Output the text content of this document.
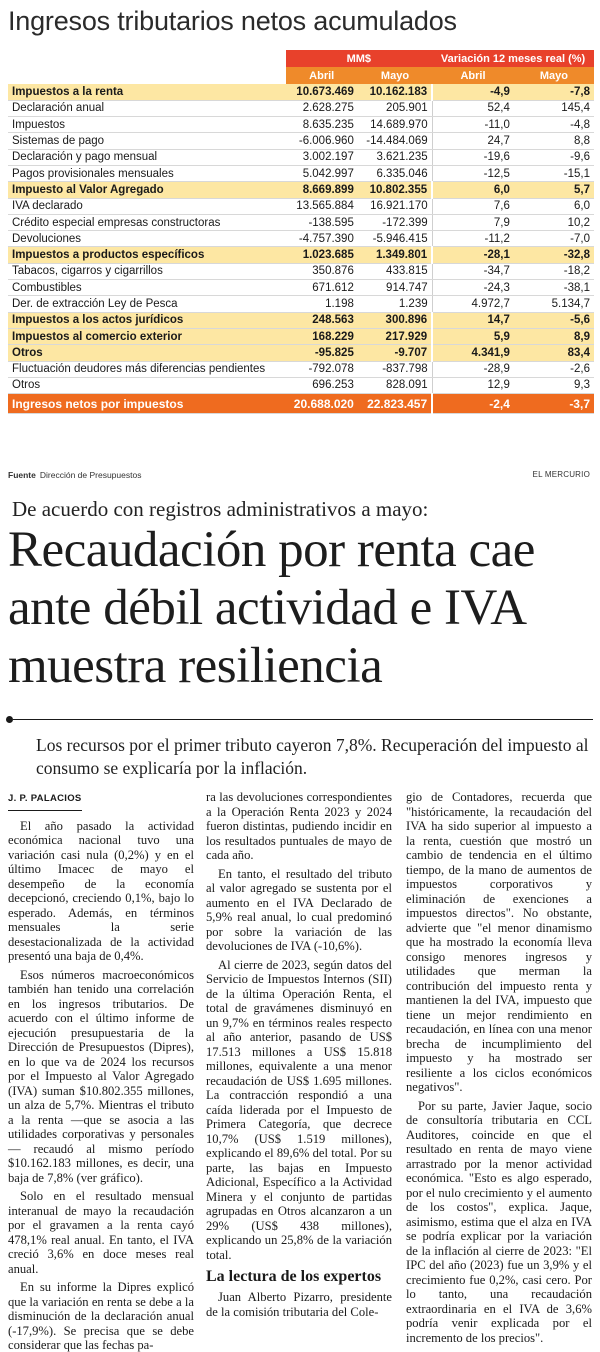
Ingresos tributarios netos acumulados
	MM$		Variación 12 meses real (%)	
	Abril	Mayo	Abril	Mayo
Impuestos a la renta	10.673.469	10.162.183	-4,9	-7,8
Declaración anual	2.628.275	205.901	52,4	145,4
Impuestos	8.635.235	14.689.970	-11,0	-4,8
Sistemas de pago	-6.006.960	-14.484.069	24,7	8,8
Declaración y pago mensual	3.002.197	3.621.235	-19,6	-9,6
Pagos provisionales mensuales	5.042.997	6.335.046	-12,5	-15,1
Impuesto al Valor Agregado	8.669.899	10.802.355	6,0	5,7
IVA declarado	13.565.884	16.921.170	7,6	6,0
Crédito especial empresas constructoras	-138.595	-172.399	7,9	10,2
Devoluciones	-4.757.390	-5.946.415	-11,2	-7,0
Impuestos a productos específicos	1.023.685	1.349.801	-28,1	-32,8
Tabacos, cigarros y cigarrillos	350.876	433.815	-34,7	-18,2
Combustibles	671.612	914.747	-24,3	-38,1
Der. de extracción Ley de Pesca	1.198	1.239	4.972,7	5.134,7
Impuestos a los actos jurídicos	248.563	300.896	14,7	-5,6
Impuestos al comercio exterior	168.229	217.929	5,9	8,9
Otros	-95.825	-9.707	4.341,9	83,4
Fluctuación deudores más diferencias pendientes	-792.078	-837.798	-28,9	-2,6
Otros	696.253	828.091	12,9	9,3
Ingresos netos por impuestos	20.688.020	22.823.457	-2,4	-3,7
Fuente Dirección de Presupuestos	EL MERCURIO
De acuerdo con registros administrativos a mayo:
Recaudación por renta cae ante débil actividad e IVA muestra resiliencia
Los recursos por el primer tributo cayeron 7,8%. Recuperación del impuesto al consumo se explicaría por la inflación.
J. P. PALACIOS

El año pasado la actividad económica nacional tuvo una variación casi nula (0,2%) y en el último Imacec de mayo el desempeño de la economía decepcionó, creciendo 0,1%, bajo lo esperado. Además, en términos mensuales la serie desestacionalizada de la actividad presentó una baja de 0,4%.

Esos números macroeconómicos también han tenido una correlación en los ingresos tributarios. De acuerdo con el último informe de ejecución presupuestaria de la Dirección de Presupuestos (Dipres), en lo que va de 2024 los recursos por el Impuesto al Valor Agregado (IVA) suman $10.802.355 millones, un alza de 5,7%. Mientras el tributo a la renta —que se asocia a las utilidades corporativas y personales— recaudó al mismo período $10.162.183 millones, es decir, una baja de 7,8% (ver gráfico).

Solo en el resultado mensual interanual de mayo la recaudación por el gravamen a la renta cayó 478,1% real anual. En tanto, el IVA creció 3,6% en doce meses real anual.

En su informe la Dipres explicó que la variación en renta se debe a la disminución de la declaración anual (-17,9%). Se precisa que se debe considerar que las fechas pa-

ra las devoluciones correspondientes a la Operación Renta 2023 y 2024 fueron distintas, pudiendo incidir en los resultados puntuales de mayo de cada año.

En tanto, el resultado del tributo al valor agregado se sustenta por el aumento en el IVA Declarado de 5,9% real anual, lo cual predominó por sobre la variación de las devoluciones de IVA (-10,6%).

Al cierre de 2023, según datos del Servicio de Impuestos Internos (SII) de la última Operación Renta, el total de gravámenes disminuyó en un 9,7% en términos reales respecto al año anterior, pasando de US$ 17.513 millones a US$ 15.818 millones, equivalente a una menor recaudación de US$ 1.695 millones. La contracción respondió a una caída liderada por el Impuesto de Primera Categoría, que decrece 10,7% (US$ 1.519 millones), explicando el 89,6% del total. Por su parte, las bajas en Impuesto Adicional, Específico a la Actividad Minera y el conjunto de partidas agrupadas en Otros alcanzaron a un 29% (US$ 438 millones), explicando un 25,8% de la variación total.

La lectura de los expertos

Juan Alberto Pizarro, presidente de la comisión tributaria del Cole-

gio de Contadores, recuerda que "históricamente, la recaudación del IVA ha sido superior al impuesto a la renta, cuestión que mostró un cambio de tendencia en el último tiempo, de la mano de aumentos de impuestos corporativos y eliminación de exenciones a impuestos directos". No obstante, advierte que "el menor dinamismo que ha mostrado la economía lleva consigo menores ingresos y utilidades que merman la contribución del impuesto renta y mantienen la del IVA, impuesto que tiene un mejor rendimiento en recaudación, en línea con una menor brecha de incumplimiento del impuesto y ha mostrado ser resiliente a los ciclos económicos negativos".

Por su parte, Javier Jaque, socio de consultoría tributaria en CCL Auditores, coincide en que el resultado en renta de mayo viene arrastrado por la menor actividad económica. "Esto es algo esperado, por el nulo crecimiento y el aumento de los costos", explica. Jaque, asimismo, estima que el alza en IVA se podría explicar por la variación de la inflación al cierre de 2023: "El IPC del año (2023) fue un 3,9% y el crecimiento fue 0,2%, casi cero. Por lo tanto, una recaudación extraordinaria en el IVA de 3,6% podría venir explicada por el incremento de los precios".
